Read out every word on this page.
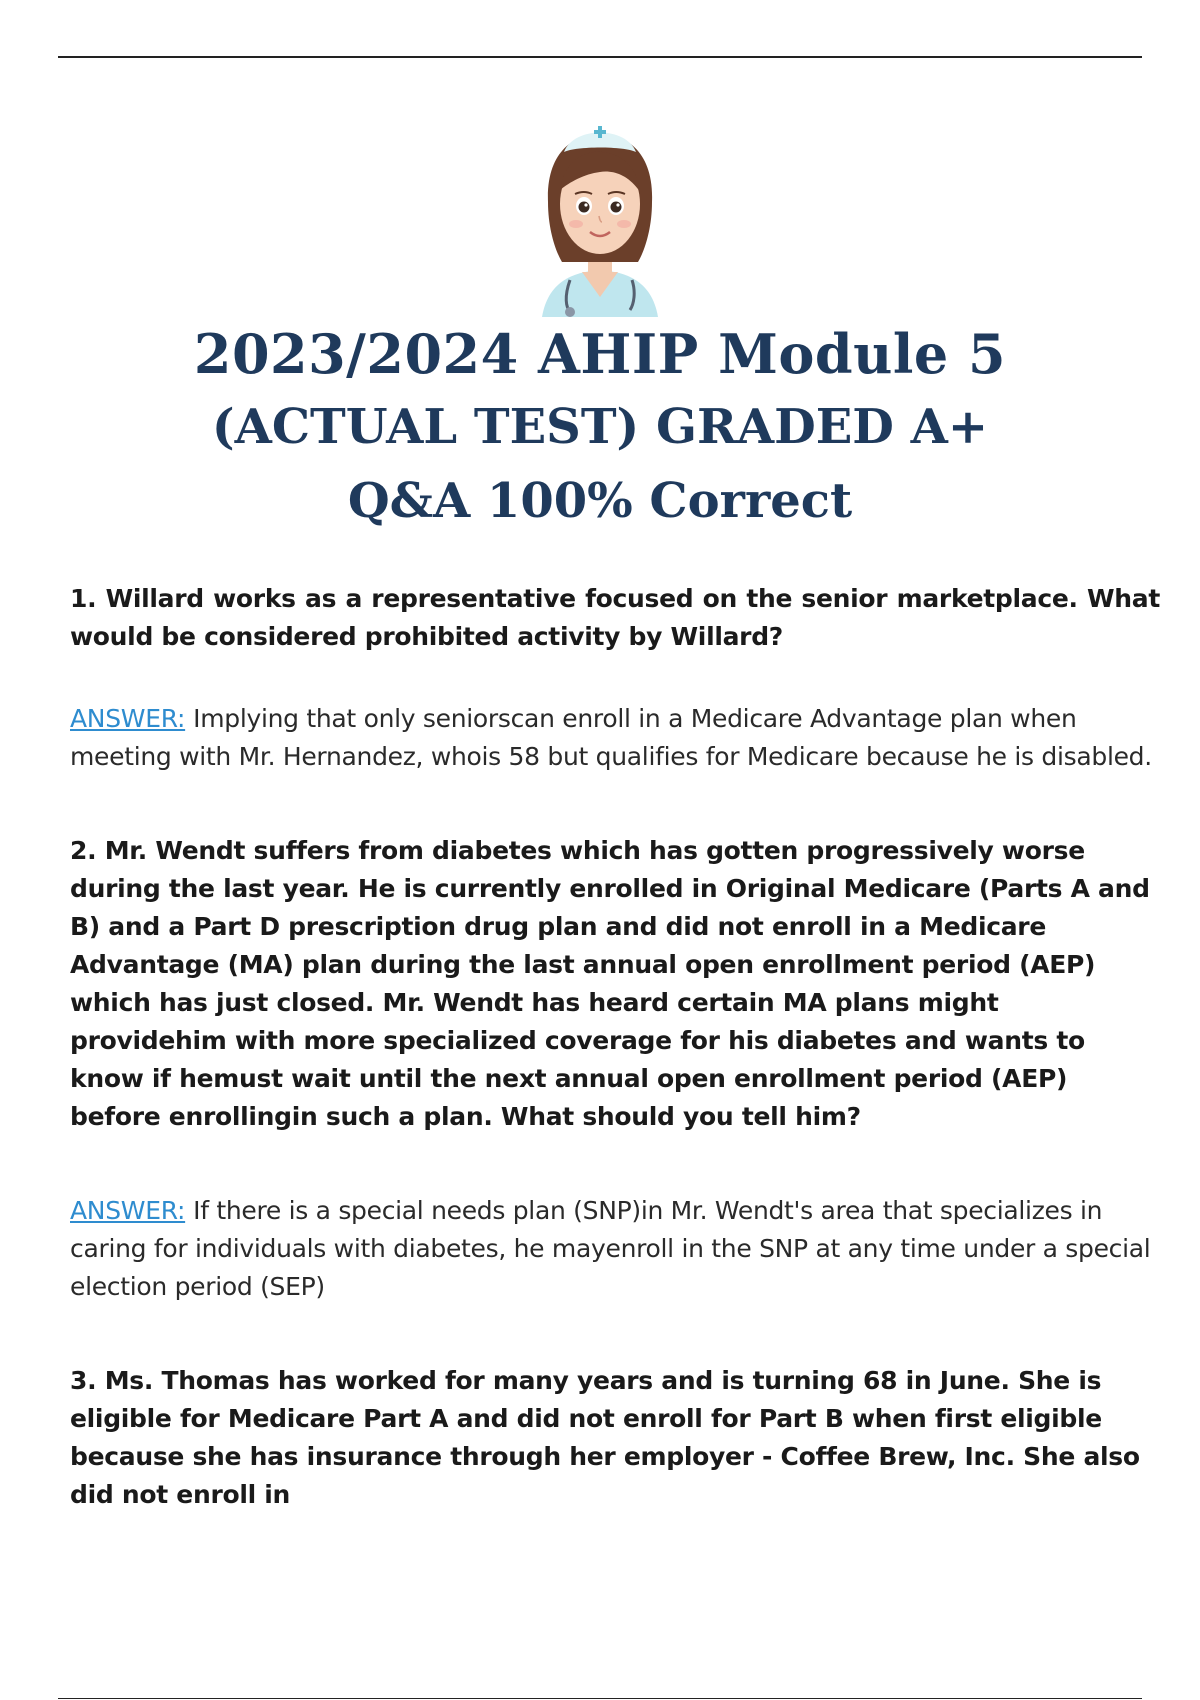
2023/2024 AHIP Module 5
(ACTUAL TEST) GRADED A+
Q&A 100% Correct

1. Willard works as a representative focused on the senior marketplace. What would be considered prohibited activity by Willard?

ANSWER: Implying that only seniorscan enroll in a Medicare Advantage plan when meeting with Mr. Hernandez, whois 58 but qualifies for Medicare because he is disabled.

2. Mr. Wendt suffers from diabetes which has gotten progressively worse during the last year. He is currently enrolled in Original Medicare (Parts A and B) and a Part D prescription drug plan and did not enroll in a Medicare Advantage (MA) plan during the last annual open enrollment period (AEP) which has just closed. Mr. Wendt has heard certain MA plans might providehim with more specialized coverage for his diabetes and wants to know if hemust wait until the next annual open enrollment period (AEP) before enrollingin such a plan. What should you tell him?

ANSWER: If there is a special needs plan (SNP)in Mr. Wendt's area that specializes in caring for individuals with diabetes, he mayenroll in the SNP at any time under a special election period (SEP)

3. Ms. Thomas has worked for many years and is turning 68 in June. She is eligible for Medicare Part A and did not enroll for Part B when first eligible because she has insurance through her employer - Coffee Brew, Inc. She also did not enroll in
